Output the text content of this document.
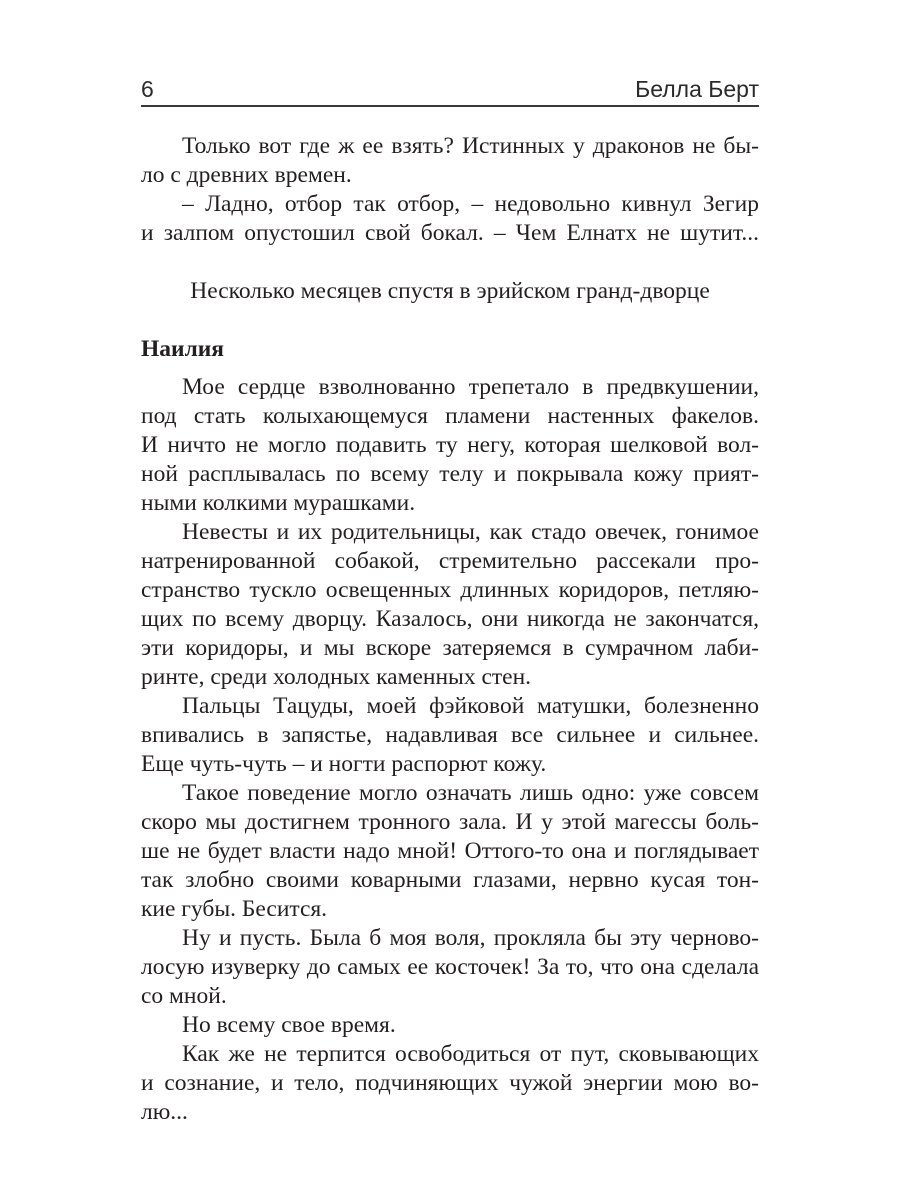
6	Белла Берт
Только вот где ж ее взять? Истинных у драконов не бы-
ло с древних времен.
– Ладно, отбор так отбор, – недовольно кивнул Зегир
и залпом опустошил свой бокал. – Чем Елнатх не шутит...
Несколько месяцев спустя в эрийском гранд-дворце
Наилия
Мое сердце взволнованно трепетало в предвкушении,
под стать колыхающемуся пламени настенных факелов.
И ничто не могло подавить ту негу, которая шелковой вол-
ной расплывалась по всему телу и покрывала кожу прият-
ными колкими мурашками.
Невесты и их родительницы, как стадо овечек, гонимое
натренированной собакой, стремительно рассекали про-
странство тускло освещенных длинных коридоров, петляю-
щих по всему дворцу. Казалось, они никогда не закончатся,
эти коридоры, и мы вскоре затеряемся в сумрачном лаби-
ринте, среди холодных каменных стен.
Пальцы Тацуды, моей фэйковой матушки, болезненно
впивались в запястье, надавливая все сильнее и сильнее.
Еще чуть-чуть – и ногти распорют кожу.
Такое поведение могло означать лишь одно: уже совсем
скоро мы достигнем тронного зала. И у этой магессы боль-
ше не будет власти надо мной! Оттого-то она и поглядывает
так злобно своими коварными глазами, нервно кусая тон-
кие губы. Бесится.
Ну и пусть. Была б моя воля, прокляла бы эту черново-
лосую изуверку до самых ее косточек! За то, что она сделала
со мной.
Но всему свое время.
Как же не терпится освободиться от пут, сковывающих
и сознание, и тело, подчиняющих чужой энергии мою во-
лю...
